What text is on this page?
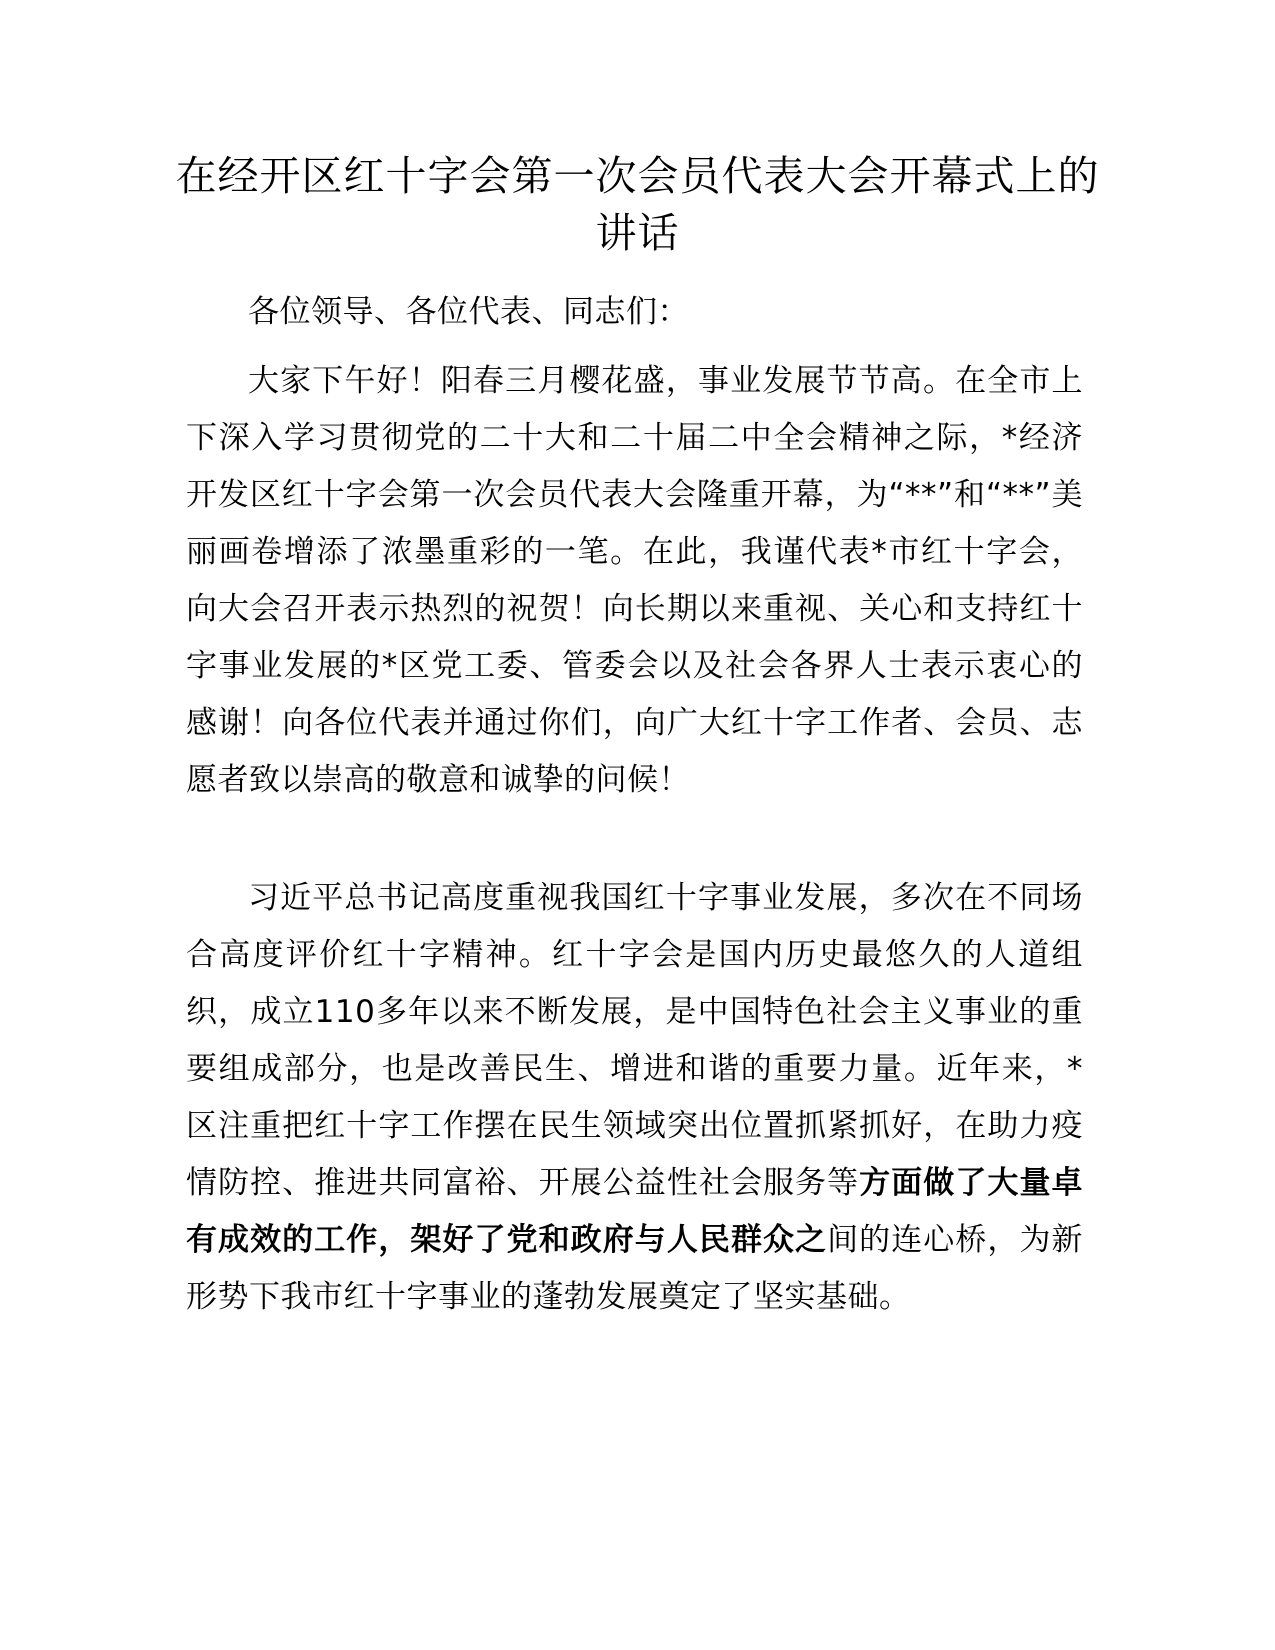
在经开区红十字会第一次会员代表大会开幕式上的讲话

各位领导、各位代表、同志们：

大家下午好！阳春三月樱花盛，事业发展节节高。在全市上下深入学习贯彻党的二十大和二十届二中全会精神之际，*经济开发区红十字会第一次会员代表大会隆重开幕，为“**”和“**”美丽画卷增添了浓墨重彩的一笔。在此，我谨代表*市红十字会，向大会召开表示热烈的祝贺！向长期以来重视、关心和支持红十字事业发展的*区党工委、管委会以及社会各界人士表示衷心的感谢！向各位代表并通过你们，向广大红十字工作者、会员、志愿者致以崇高的敬意和诚挚的问候！

习近平总书记高度重视我国红十字事业发展，多次在不同场合高度评价红十字精神。红十字会是国内历史最悠久的人道组织，成立110多年以来不断发展，是中国特色社会主义事业的重要组成部分，也是改善民生、增进和谐的重要力量。近年来，*区注重把红十字工作摆在民生领域突出位置抓紧抓好，在助力疫情防控、推进共同富裕、开展公益性社会服务等方面做了大量卓有成效的工作，架好了党和政府与人民群众之间的连心桥，为新形势下我市红十字事业的蓬勃发展奠定了坚实基础。
